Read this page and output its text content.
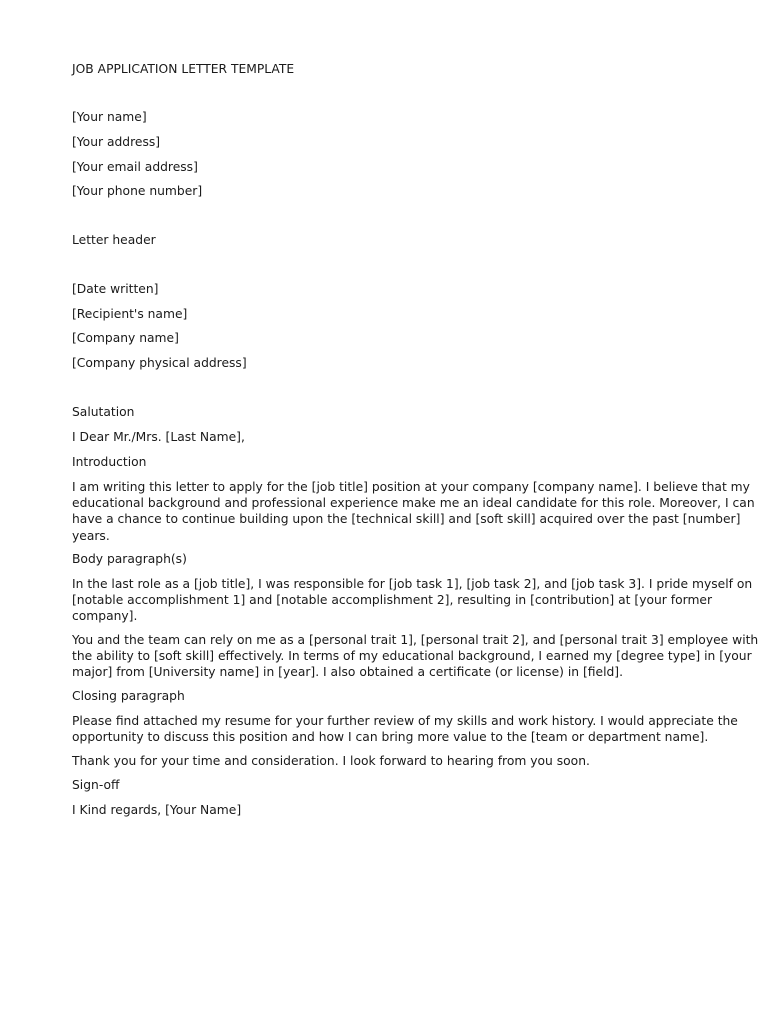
JOB APPLICATION LETTER TEMPLATE
[Your name]
[Your address]
[Your email address]
[Your phone number]
Letter header
[Date written]
[Recipient's name]
[Company name]
[Company physical address]
Salutation
I Dear Mr./Mrs. [Last Name],
Introduction
I am writing this letter to apply for the [job title] position at your company [company name]. I believe that my
educational background and professional experience make me an ideal candidate for this role. Moreover, I can
have a chance to continue building upon the [technical skill] and [soft skill] acquired over the past [number]
years.
Body paragraph(s)
In the last role as a [job title], I was responsible for [job task 1], [job task 2], and [job task 3]. I pride myself on
[notable accomplishment 1] and [notable accomplishment 2], resulting in [contribution] at [your former
company].
You and the team can rely on me as a [personal trait 1], [personal trait 2], and [personal trait 3] employee with
the ability to [soft skill] effectively. In terms of my educational background, I earned my [degree type] in [your
major] from [University name] in [year]. I also obtained a certificate (or license) in [field].
Closing paragraph
Please find attached my resume for your further review of my skills and work history. I would appreciate the
opportunity to discuss this position and how I can bring more value to the [team or department name].
Thank you for your time and consideration. I look forward to hearing from you soon.
Sign-off
I Kind regards, [Your Name]
